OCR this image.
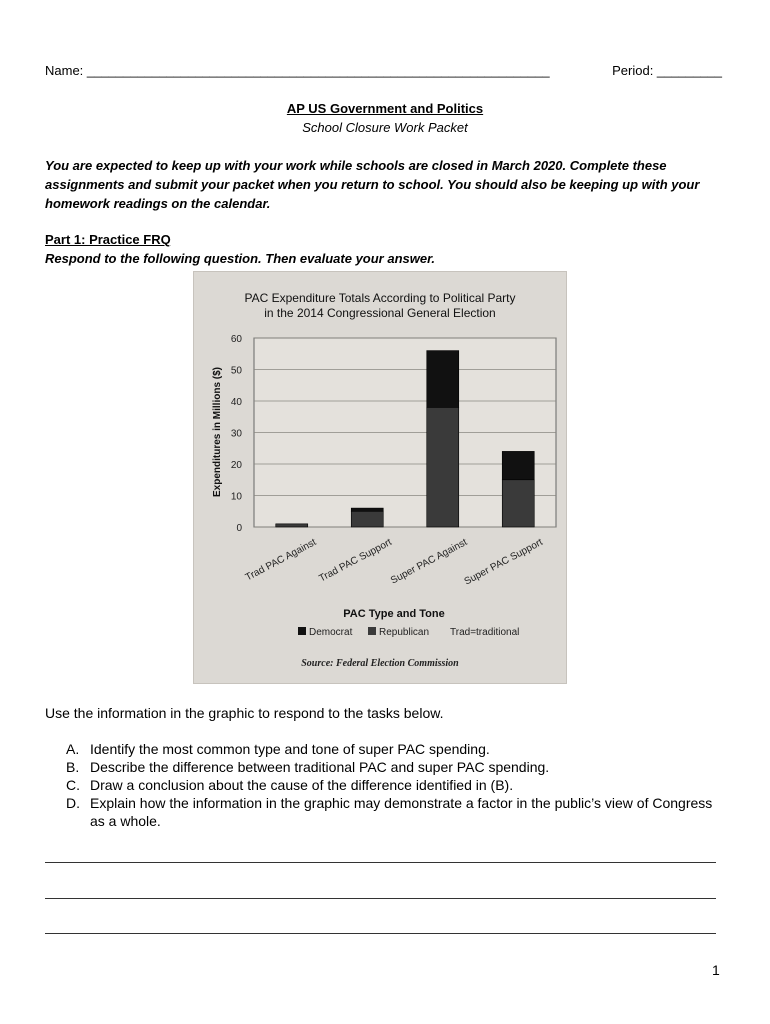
Name: ________________________________________________________________	Period: _________
AP US Government and Politics
School Closure Work Packet
You are expected to keep up with your work while schools are closed in March 2020. Complete these assignments and submit your packet when you return to school. You should also be keeping up with your homework readings on the calendar.
Part 1: Practice FRQ
Respond to the following question. Then evaluate your answer.
PAC Expenditure Totals According to Political Party
in the 2014 Congressional General Election
Expenditures in Millions ($)
0
10
20
30
40
50
60
Trad PAC Against Trad PAC Support
Super PAC Against
Super PAC Support
PAC Type and Tone
Democrat	Republican Trad=traditional
Source: Federal Election Commission
Use the information in the graphic to respond to the tasks below.
A. Identify the most common type and tone of super PAC spending.
B. Describe the difference between traditional PAC and super PAC spending.
C. Draw a conclusion about the cause of the difference identified in (B).
D. Explain how the information in the graphic may demonstrate a factor in the public’s view of Congress as a whole.
1
